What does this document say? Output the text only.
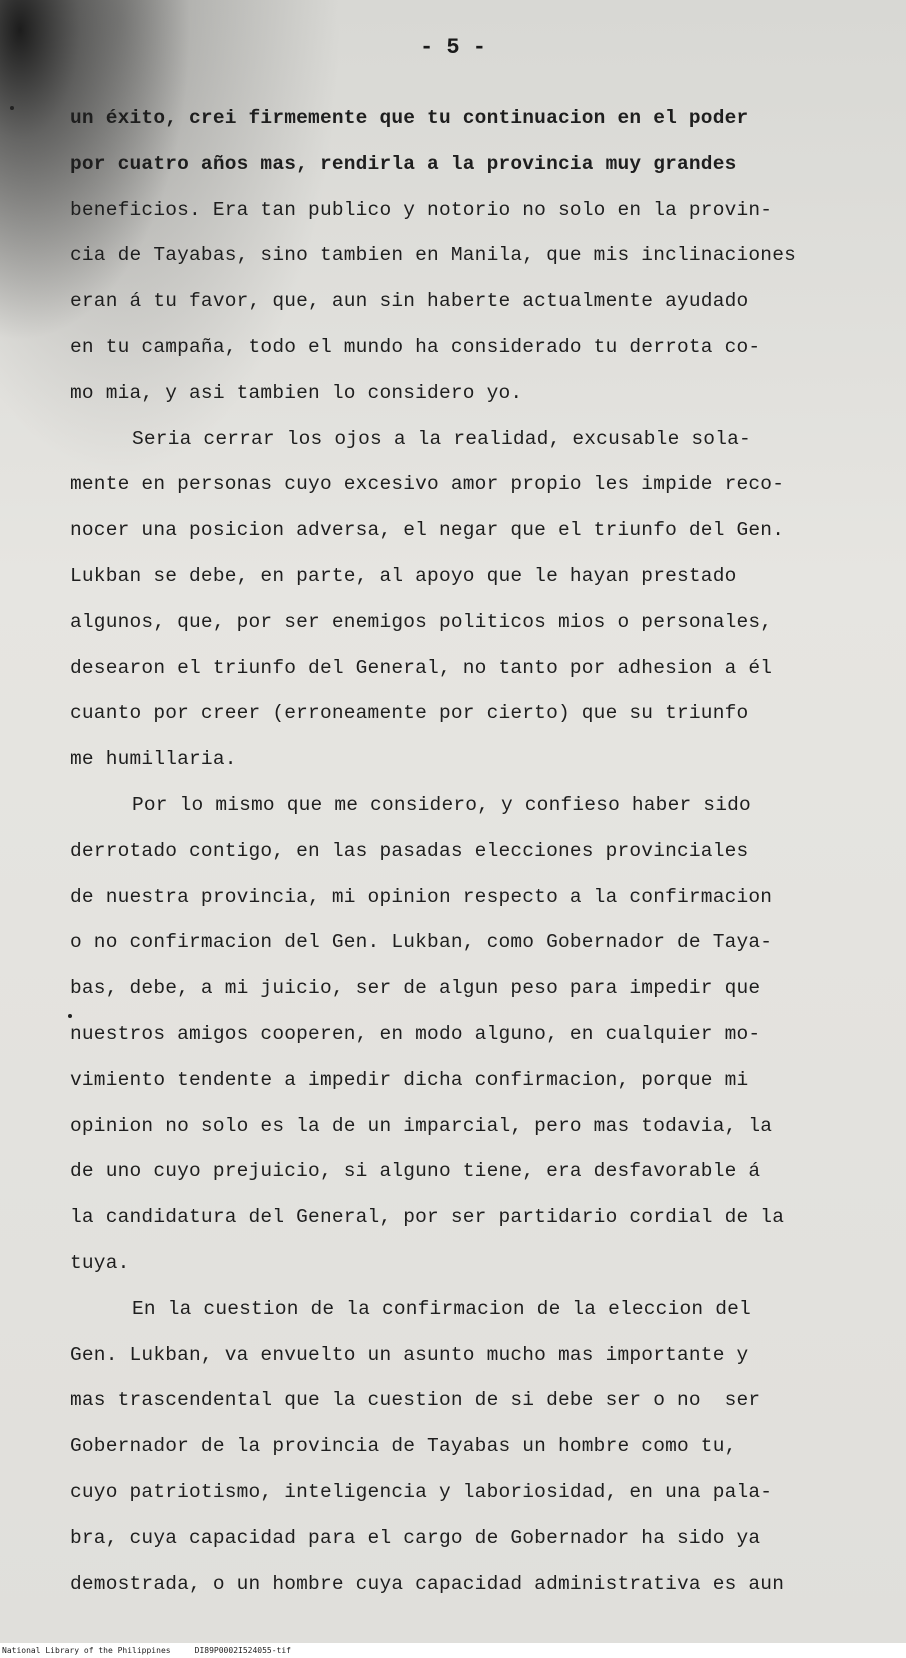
- 5 -

un éxito, crei firmemente que tu continuacion en el poder
por cuatro años mas, rendirla a la provincia muy grandes
beneficios. Era tan publico y notorio no solo en la provin-
cia de Tayabas, sino tambien en Manila, que mis inclinaciones
eran á tu favor, que, aun sin haberte actualmente ayudado
en tu campaña, todo el mundo ha considerado tu derrota co-
mo mia, y asi tambien lo considero yo.
Seria cerrar los ojos a la realidad, excusable sola-
mente en personas cuyo excesivo amor propio les impide reco-
nocer una posicion adversa, el negar que el triunfo del Gen.
Lukban se debe, en parte, al apoyo que le hayan prestado
algunos, que, por ser enemigos politicos mios o personales,
desearon el triunfo del General, no tanto por adhesion a él
cuanto por creer (erroneamente por cierto) que su triunfo
me humillaria.
Por lo mismo que me considero, y confieso haber sido
derrotado contigo, en las pasadas elecciones provinciales
de nuestra provincia, mi opinion respecto a la confirmacion
o no confirmacion del Gen. Lukban, como Gobernador de Taya-
bas, debe, a mi juicio, ser de algun peso para impedir que
nuestros amigos cooperen, en modo alguno, en cualquier mo-
vimiento tendente a impedir dicha confirmacion, porque mi
opinion no solo es la de un imparcial, pero mas todavia, la
de uno cuyo prejuicio, si alguno tiene, era desfavorable á
la candidatura del General, por ser partidario cordial de la
tuya.
En la cuestion de la confirmacion de la eleccion del
Gen. Lukban, va envuelto un asunto mucho mas importante y
mas trascendental que la cuestion de si debe ser o no  ser
Gobernador de la provincia de Tayabas un hombre como tu,
cuyo patriotismo, inteligencia y laboriosidad, en una pala-
bra, cuya capacidad para el cargo de Gobernador ha sido ya
demostrada, o un hombre cuya capacidad administrativa es aun

National Library of the Philippines     DI89P0002I524055-tif
